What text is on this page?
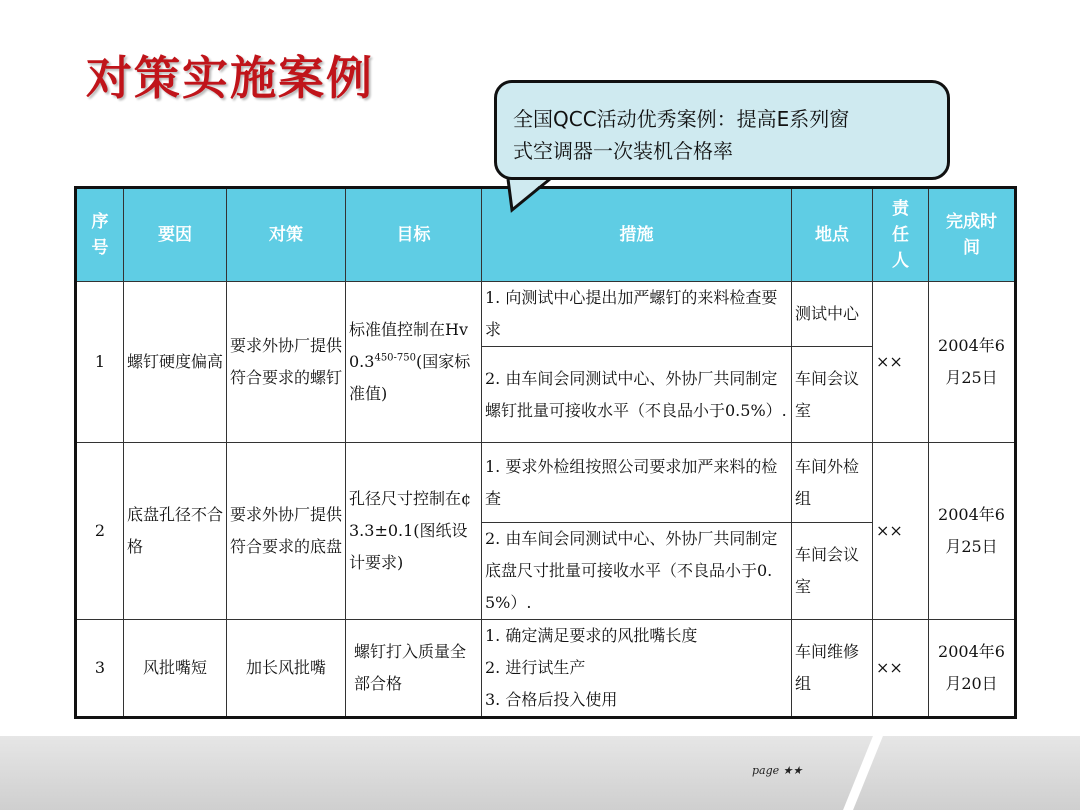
对策实施案例
全国QCC活动优秀案例：提高E系列窗
式空调器一次装机合格率
序号	要因	对策	目标	措施	地点	责任人	完成时间
1	螺钉硬度偏高	要求外协厂提供符合要求的螺钉	标准值控制在Hv0.3$^{450-750}$(国家标准值)	1. 向测试中心提出加严螺钉的来料检查要求	测试中心	××	2004年6月25日
				2. 由车间会同测试中心、外协厂共同制定螺钉批量可接收水平（不良品小于0.5%）.	车间会议室		
2	底盘孔径不合格	要求外协厂提供符合要求的底盘	孔径尺寸控制在¢3.3±0.1(图纸设计要求)	1. 要求外检组按照公司要求加严来料的检查	车间外检组	××	2004年6月25日
				2. 由车间会同测试中心、外协厂共同制定底盘尺寸批量可接收水平（不良品小于0.5%）.	车间会议室		
3	风批嘴短	加长风批嘴	螺钉打入质量全部合格	1. 确定满足要求的风批嘴长度
2. 进行试生产
3. 合格后投入使用	车间维修组	××	2004年6月20日
page ★★
